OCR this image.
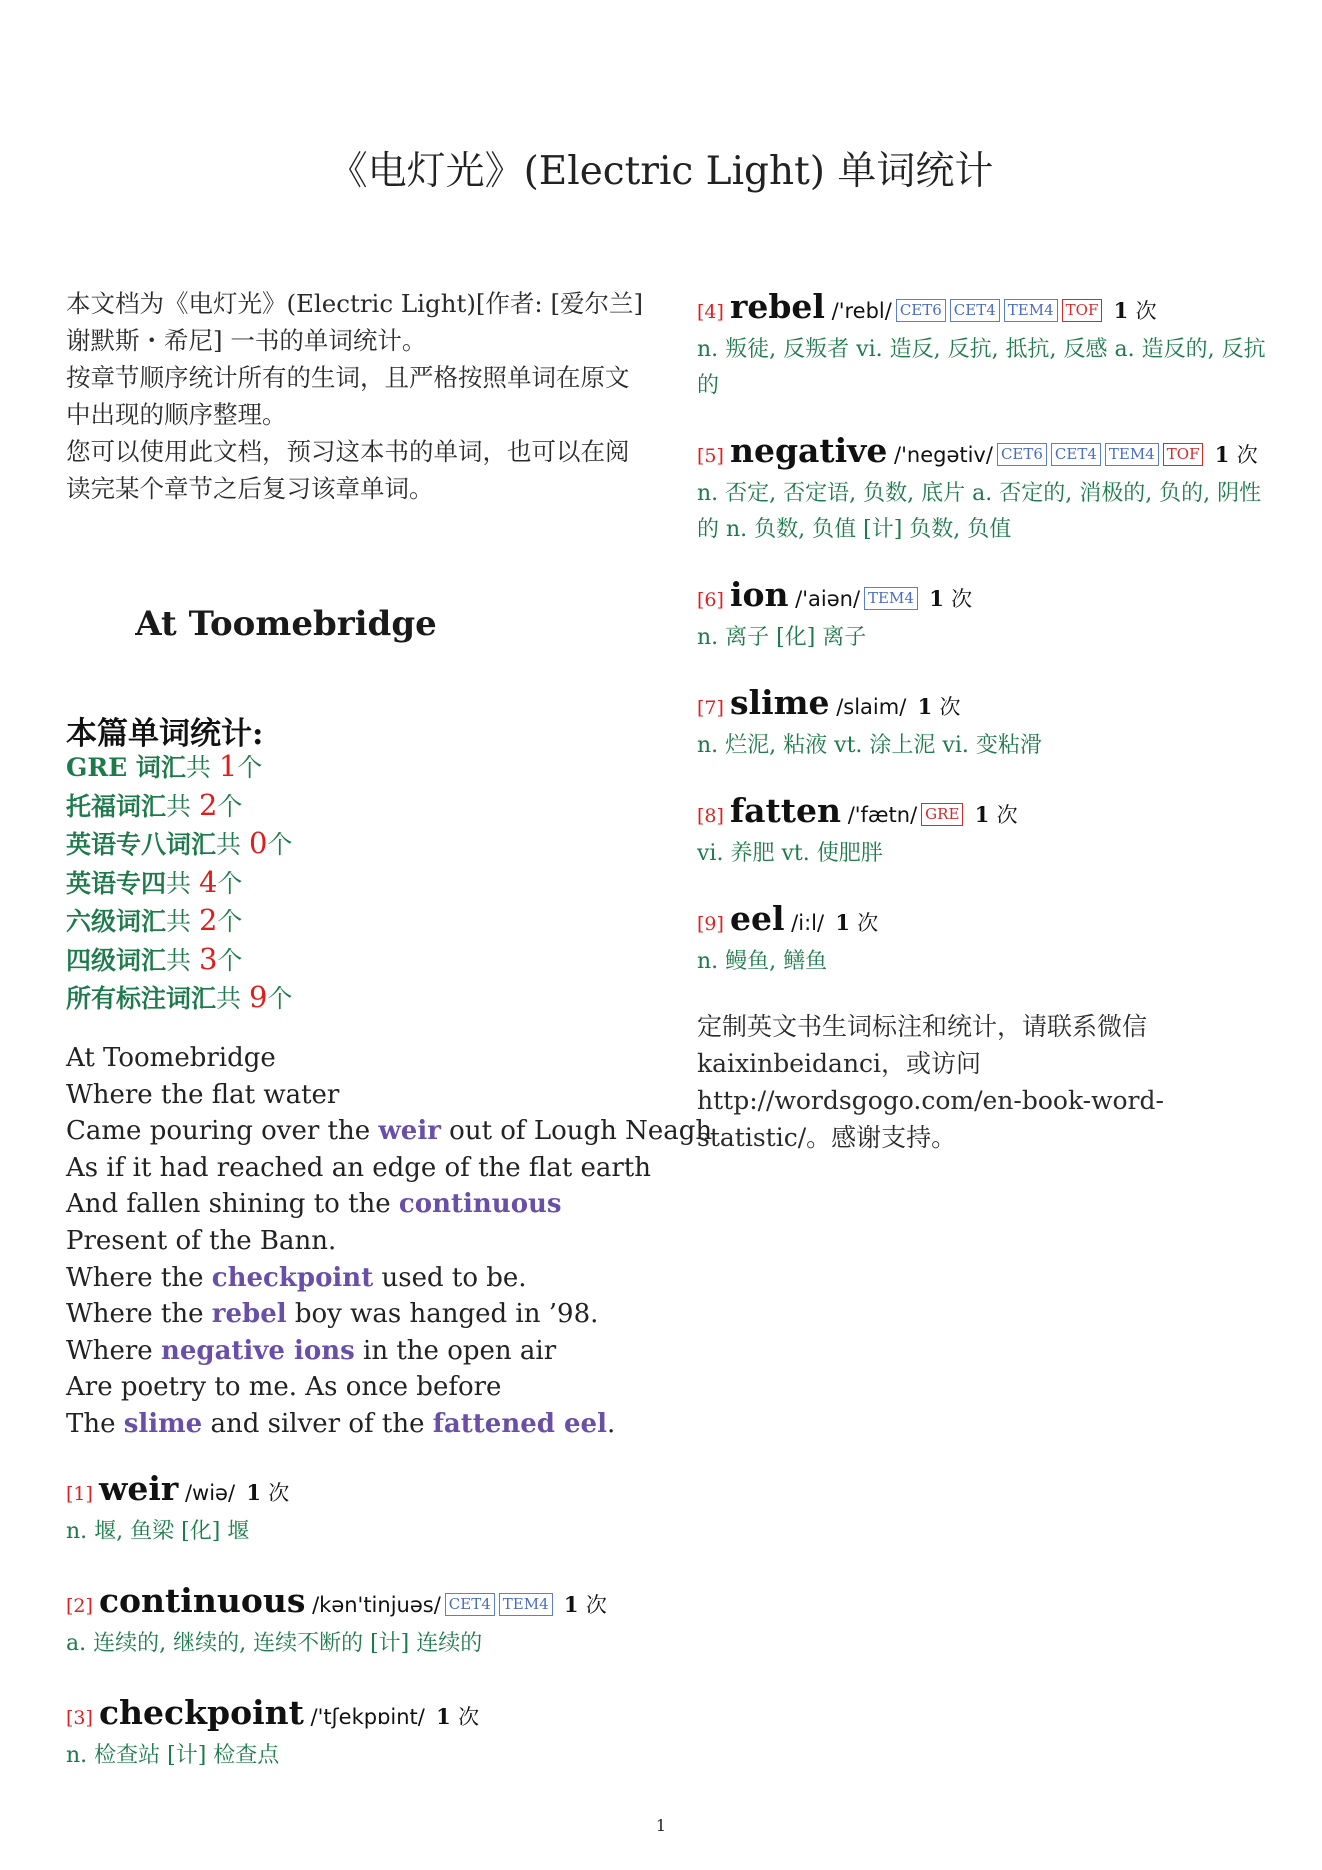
《电灯光》(Electric Light) 单词统计

本文档为《电灯光》(Electric Light)[作者: [爱尔兰] 谢默斯・希尼] 一书的单词统计。

按章节顺序统计所有的生词，且严格按照单词在原文中出现的顺序整理。

您可以使用此文档，预习这本书的单词，也可以在阅读完某个章节之后复习该章单词。

At Toomebridge
本篇单词统计:
GRE 词汇共 1个
托福词汇共 2个
英语专八词汇共 0个
英语专四共 4个
六级词汇共 2个
四级词汇共 3个
所有标注词汇共 9个
At Toomebridge
Where the flat water
Came pouring over the weir out of Lough Neagh
As if it had reached an edge of the flat earth
And fallen shining to the continuous
Present of the Bann.
Where the checkpoint used to be.
Where the rebel boy was hanged in ’98.
Where negative ions in the open air
Are poetry to me. As once before
The slime and silver of the fattened eel.
[1] weir /wiə/ 1 次
n. 堰, 鱼梁 [化] 堰
[2] continuous /kən'tinjuəs/ CET4 TEM4 1 次
a. 连续的, 继续的, 连续不断的 [计] 连续的
[3] checkpoint /'tʃekpɒint/ 1 次
n. 检查站 [计] 检查点
[4] rebel /'rebl/ CET6 CET4 TEM4 TOF 1 次
n. 叛徒, 反叛者 vi. 造反, 反抗, 抵抗, 反感 a. 造反的, 反抗的
[5] negative /'negətiv/ CET6 CET4 TEM4 TOF 1 次
n. 否定, 否定语, 负数, 底片 a. 否定的, 消极的, 负的, 阴性的 n. 负数, 负值 [计] 负数, 负值
[6] ion /'aiən/ TEM4 1 次
n. 离子 [化] 离子
[7] slime /slaim/ 1 次
n. 烂泥, 粘液 vt. 涂上泥 vi. 变粘滑
[8] fatten /'fætn/ GRE 1 次
vi. 养肥 vt. 使肥胖
[9] eel /i:l/ 1 次
n. 鳗鱼, 鳝鱼
定制英文书生词标注和统计，请联系微信 kaixinbeidanci，或访问 http://wordsgogo.com/en-book-word-statistic/。感谢支持。
1
